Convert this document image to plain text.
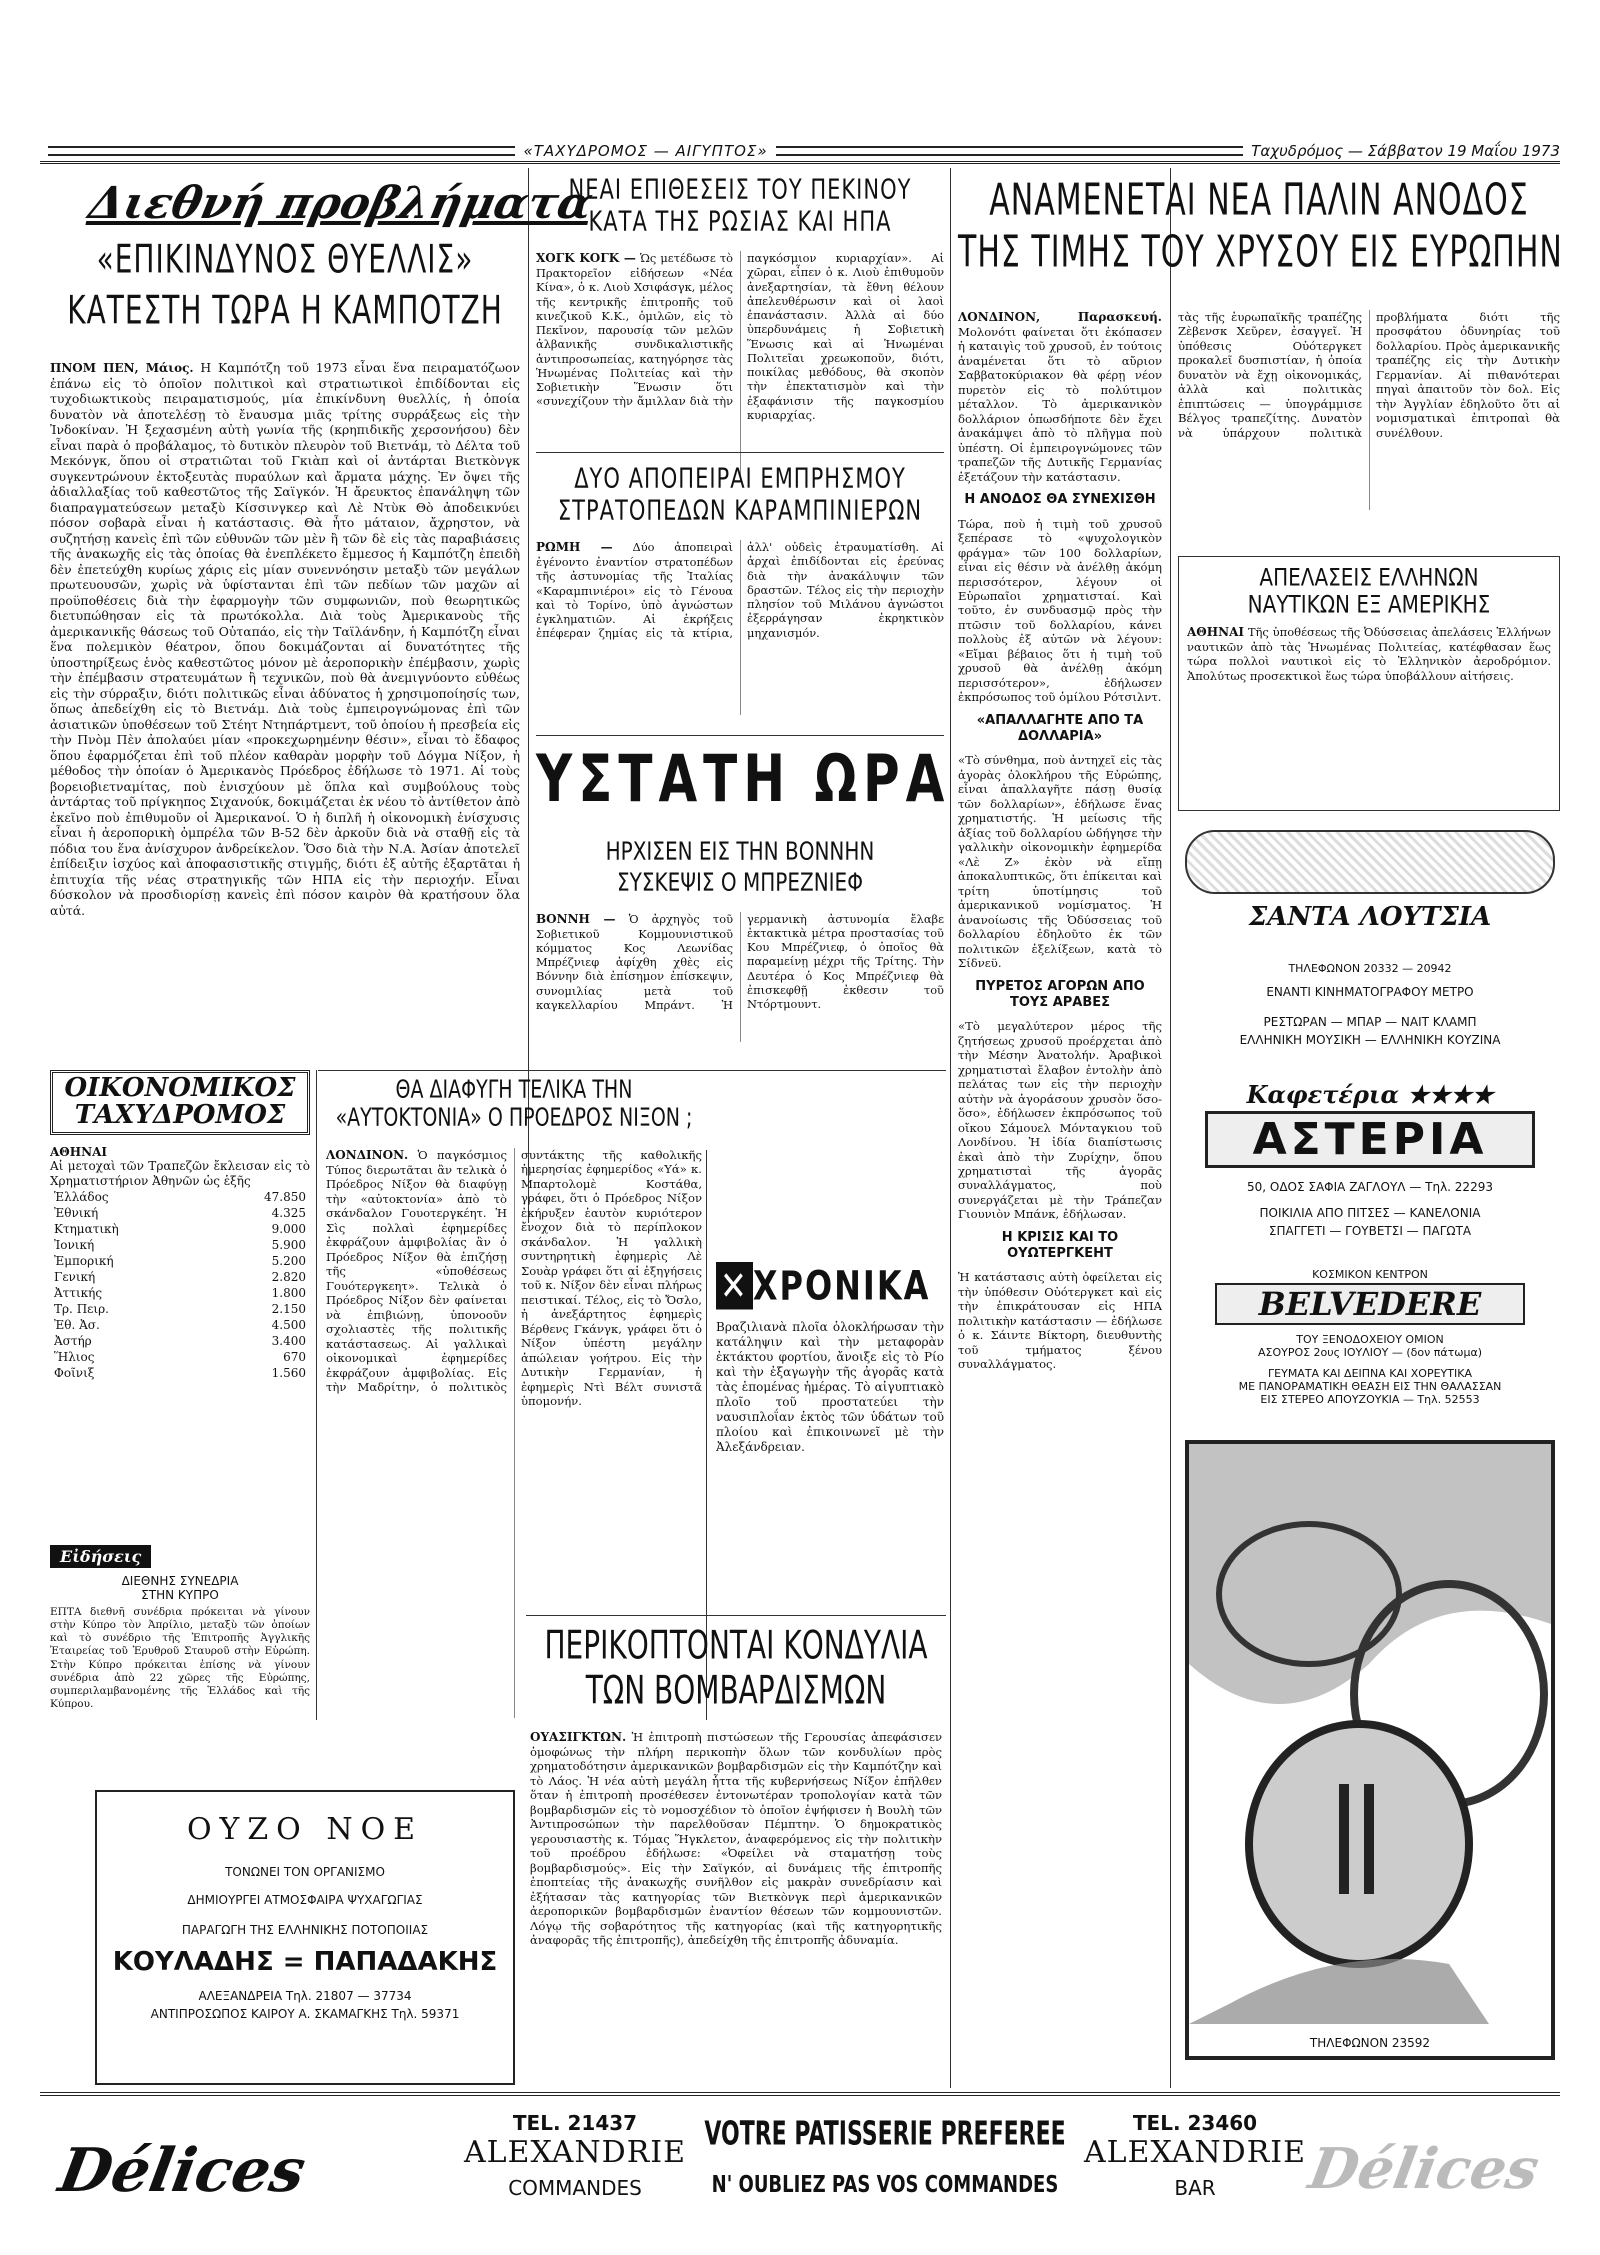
«ΤΑΧΥΔΡΟΜΟΣ — ΑΙΓΥΠΤΟΣ»	Ταχυδρόμος — Σάββατον 19 Μαΐου 1973
Διεθνή προβλήματα
«ΕΠΙΚΙΝΔΥΝΟΣ ΘΥΕΛΛΙΣ»
ΚΑΤΕΣΤΗ ΤΩΡΑ Η ΚΑΜΠΟΤΖΗ
ΠΝΟΜ ΠΕΝ, Μάιος. Η Καμπότζη τοῦ 1973 εἶναι ἕνα πειραματόζωον ἐπάνω εἰς τὸ ὁποῖον πολιτικοὶ καὶ στρατιωτικοὶ ἐπιδίδονται εἰς τυχοδιωκτικοὺς πειραματισμούς, μία ἐπικίνδυνη θυελλίς, ἡ ὁποία δυνατὸν νὰ ἀποτελέσῃ τὸ ἔναυσμα μιᾶς τρίτης συρράξεως εἰς τὴν Ἰνδοκίναν. Ἡ ξεχασμένη αὐτὴ γωνία τῆς (κρηπιδικῆς χερσονήσου) δὲν εἶναι παρὰ ὁ προβάλαμος, τὸ δυτικὸν πλευρὸν τοῦ Βιετνάμ, τὸ Δέλτα τοῦ Μεκόνγκ, ὅπου οἱ στρατιῶται τοῦ Γκιὰπ καὶ οἱ ἀντάρται Βιετκὸνγκ συγκεντρώνουν ἐκτοξευτὰς πυραύλων καὶ ἄρματα μάχης. Ἐν ὄψει τῆς ἀδιαλλαξίας τοῦ καθεστῶτος τῆς Σαϊγκόν. Ἡ ἄρευκτος ἐπανάληψη τῶν διαπραγματεύσεων μεταξὺ Κίσσινγκερ καὶ Λὲ Ντὺκ Θὸ ἀποδεικνύει πόσον σοβαρὰ εἶναι ἡ κατάστασις. Θὰ ἦτο μάταιον, ἄχρηστον, νὰ συζητήσῃ κανεὶς ἐπὶ τῶν εὐθυνῶν τῶν μὲν ἢ τῶν δὲ εἰς τὰς παραβιάσεις τῆς ἀνακωχῆς εἰς τὰς ὁποίας θὰ ἐνεπλέκετο ἔμμεσος ἡ Καμπότζη ἐπειδὴ δὲν ἐπετεύχθη κυρίως χάρις εἰς μίαν συνεννόησιν μεταξὺ τῶν μεγάλων πρωτευουσῶν, χωρὶς νὰ ὑφίστανται ἐπὶ τῶν πεδίων τῶν μαχῶν αἱ προϋποθέσεις διὰ τὴν ἐφαρμογὴν τῶν συμφωνιῶν, ποὺ θεωρητικῶς διετυπώθησαν εἰς τὰ πρωτόκολλα. Διὰ τοὺς Ἀμερικανοὺς τῆς ἀμερικανικῆς θάσεως τοῦ Οὐταπάο, εἰς τὴν Ταϊλάνδην, ἡ Καμπότζη εἶναι ἕνα πολεμικὸν θέατρον, ὅπου δοκιμάζονται αἱ δυνατότητες τῆς ὑποστηρίξεως ἑνὸς καθεστῶτος μόνον μὲ ἀεροπορικὴν ἐπέμβασιν, χωρὶς τὴν ἐπέμβασιν στρατευμάτων ἢ τεχνικῶν, ποὺ θὰ ἀνεμιγνύοντο εὐθέως εἰς τὴν σύρραξιν, διότι πολιτικῶς εἶναι ἀδύνατος ἡ χρησιμοποίησίς των, ὅπως ἀπεδείχθη εἰς τὸ Βιετνάμ. Διὰ τοὺς ἐμπειρογνώμονας ἐπὶ τῶν ἀσιατικῶν ὑποθέσεων τοῦ Στέητ Ντηπάρτμεντ, τοῦ ὁποίου ἡ πρεσβεία εἰς τὴν Πνὸμ Πὲν ἀπολαύει μίαν «προκεχωρημένην θέσιν», εἶναι τὸ ἔδαφος ὅπου ἐφαρμόζεται ἐπὶ τοῦ πλέον καθαρὰν μορφὴν τοῦ Δόγμα Νίξον, ἡ μέθοδος τὴν ὁποίαν ὁ Ἀμερικανὸς Πρόεδρος ἐδήλωσε τὸ 1971. Αἱ τοὺς βορειοβιετναμίτας, ποὺ ἐνισχύουν μὲ ὅπλα καὶ συμβούλους τοὺς ἀντάρτας τοῦ πρίγκηπος Σιχανούκ, δοκιμάζεται ἐκ νέου τὸ ἀντίθετον ἀπὸ ἐκεῖνο ποὺ ἐπιθυμοῦν οἱ Ἀμερικανοί. Ὁ ἡ διπλῆ ἡ οἰκονομικὴ ἑνίσχυσις εἶναι ἡ ἀεροπορικὴ ὀμπρέλα τῶν Β-52 δὲν ἀρκοῦν διὰ νὰ σταθῇ εἰς τὰ πόδια του ἕνα ἀνίσχυρον ἀνδρείκελον. Ὅσο διὰ τὴν Ν.Α. Ἀσίαν ἀποτελεῖ ἐπίδειξιν ἰσχύος καὶ ἀποφασιστικῆς στιγμῆς, διότι ἐξ αὐτῆς ἐξαρτᾶται ἡ ἐπιτυχία τῆς νέας στρατηγικῆς τῶν ΗΠΑ εἰς τὴν περιοχήν. Εἶναι δύσκολον νὰ προσδιορίσῃ κανεὶς ἐπὶ πόσον καιρὸν θὰ κρατήσουν ὅλα αὐτά.
ΝΕΑΙ ΕΠΙΘΕΣΕΙΣ ΤΟΥ ΠΕΚΙΝΟΥ
ΚΑΤΑ ΤΗΣ ΡΩΣΙΑΣ ΚΑΙ ΗΠΑ
ΧΟΓΚ ΚΟΓΚ — Ὡς μετέδωσε τὸ Πρακτορεῖον εἰδήσεων «Νέα Κίνα», ὁ κ. Λιοὺ Χσιφάσγκ, μέλος τῆς κεντρικῆς ἐπιτροπῆς τοῦ κινεζικοῦ Κ.Κ., ὁμιλῶν, εἰς τὸ Πεκῖνον, παρουσίᾳ τῶν μελῶν ἀλβανικῆς συνδικαλιστικῆς ἀντιπροσωπείας, κατηγόρησε τὰς Ἡνωμένας Πολιτείας καὶ τὴν Σοβιετικὴν Ἕνωσιν ὅτι «συνεχίζουν τὴν ἄμιλλαν διὰ τὴν παγκόσμιον κυριαρχίαν». Αἱ χῶραι, εἶπεν ὁ κ. Λιοὺ ἐπιθυμοῦν ἀνεξαρτησίαν, τὰ ἔθνη θέλουν ἀπελευθέρωσιν καὶ οἱ λαοὶ ἐπανάστασιν. Ἀλλὰ αἱ δύο ὑπερδυνάμεις ἡ Σοβιετικὴ Ἕνωσις καὶ αἱ Ἡνωμέναι Πολιτεῖαι χρεωκοποῦν, διότι, ποικίλας μεθόδους, θὰ σκοπὸν τὴν ἐπεκτατισμὸν καὶ τὴν ἐξαφάνισιν τῆς παγκοσμίου κυριαρχίας.
ΔΥΟ ΑΠΟΠΕΙΡΑΙ ΕΜΠΡΗΣΜΟΥ
ΣΤΡΑΤΟΠΕΔΩΝ ΚΑΡΑΜΠΙΝΙΕΡΩΝ
ΡΩΜΗ — Δύο ἀποπειραὶ ἐγένοντο ἐναντίον στρατοπέδων τῆς ἀστυνομίας τῆς Ἰταλίας «Καραμπινιέροι» εἰς τὸ Γένουα καὶ τὸ Τορίνο, ὑπὸ ἀγνώστων ἐγκληματιῶν. Αἱ ἐκρήξεις ἐπέφεραν ζημίας εἰς τὰ κτίρια, ἀλλ' οὐδεὶς ἐτραυματίσθη. Αἱ ἀρχαὶ ἐπιδίδονται εἰς ἐρεύνας διὰ τὴν ἀνακάλυψιν τῶν δραστῶν. Τέλος εἰς τὴν περιοχὴν πλησίον τοῦ Μιλάνου ἀγνώστοι ἐξερράγησαν ἐκρηκτικὸν μηχανισμόν.
ΥΣΤΑΤΗ ΩΡΑ
ΗΡΧΙΣΕΝ ΕΙΣ ΤΗΝ ΒΟΝΝΗΝ
ΣΥΣΚΕΨΙΣ Ο ΜΠΡΕΖΝΙΕΦ
ΒΟΝΝΗ — Ὁ ἀρχηγὸς τοῦ Σοβιετικοῦ Κομμουνιστικοῦ κόμματος Κος Λεωνίδας Μπρέζνιεφ ἀφίχθη χθὲς εἰς Βόννην διὰ ἐπίσημον ἐπίσκεψιν, συνομιλίας μετὰ τοῦ καγκελλαρίου Μπράντ. Ἡ γερμανικὴ ἀστυνομία ἔλαβε ἐκτακτικὰ μέτρα προστασίας τοῦ Κου Μπρέζνιεφ, ὁ ὁποῖος θὰ παραμείνῃ μέχρι τῆς Τρίτης. Τὴν Δευτέρα ὁ Κος Μπρέζνιεφ θὰ ἐπισκεφθῇ ἐκθεσιν τοῦ Ντόρτμουντ.
ΑΝΑΜΕΝΕΤΑΙ ΝΕΑ ΠΑΛΙΝ ΑΝΟΔΟΣ
ΤΗΣ ΤΙΜΗΣ ΤΟΥ ΧΡΥΣΟΥ ΕΙΣ ΕΥΡΩΠΗΝ
ΛΟΝΔΙΝΟΝ, Παρασκευή. Μολονότι φαίνεται ὅτι ἐκόπασεν ἡ καταιγὶς τοῦ χρυσοῦ, ἐν τούτοις ἀναμένεται ὅτι τὸ αὔριον Σαββατοκύριακον θὰ φέρῃ νέον πυρετὸν εἰς τὸ πολύτιμον μέταλλον. Τὸ ἀμερικανικὸν δολλάριον ὁπωσδήποτε δὲν ἔχει ἀνακάμψει ἀπὸ τὸ πλῆγμα ποὺ ὑπέστη. Οἱ ἐμπειρογνώμονες τῶν τραπεζῶν τῆς Δυτικῆς Γερμανίας ἐξετάζουν τὴν κατάστασιν.
Η ΑΝΟΔΟΣ ΘΑ ΣΥΝΕΧΙΣΘΗ
Τώρα, ποὺ ἡ τιμὴ τοῦ χρυσοῦ ξεπέρασε τὸ «ψυχολογικὸν φράγμα» τῶν 100 δολλαρίων, εἶναι εἰς θέσιν νὰ ἀνέλθῃ ἀκόμη περισσότερον, λέγουν οἱ Εὐρωπαῖοι χρηματισταί. Καὶ τοῦτο, ἐν συνδυασμῷ πρὸς τὴν πτῶσιν τοῦ δολλαρίου, κάνει πολλοὺς ἐξ αὐτῶν νὰ λέγουν: «Εἴμαι βέβαιος ὅτι ἡ τιμὴ τοῦ χρυσοῦ θὰ ἀνέλθῃ ἀκόμη περισσότερον», ἐδήλωσεν ἐκπρόσωπος τοῦ ὁμίλου Ρότσιλντ.
«ΑΠΑΛΛΑΓΗΤΕ ΑΠΟ ΤΑ ΔΟΛΛΑΡΙΑ»
«Τὸ σύνθημα, ποὺ ἀντηχεῖ εἰς τὰς ἀγορὰς ὁλοκλήρου τῆς Εὐρώπης, εἶναι ἀπαλλαγῆτε πάσῃ θυσίᾳ τῶν δολλαρίων», ἐδήλωσε ἕνας χρηματιστής. Ἡ μείωσις τῆς ἀξίας τοῦ δολλαρίου ὡδήγησε τὴν γαλλικὴν οἰκονομικὴν ἐφημερίδα «Λὲ Ζ» ἐκὸν νὰ εἴπῃ ἀποκαλυπτικῶς, ὅτι ἐπίκειται καὶ τρίτη ὑποτίμησις τοῦ ἀμερικανικοῦ νομίσματος. Ἡ ἀνανοίωσις τῆς Ὀδύσσειας τοῦ δολλαρίου ἐδηλοῦτο ἐκ τῶν πολιτικῶν ἐξελίξεων, κατὰ τὸ Σίδνεϋ.
ΠΥΡΕΤΟΣ ΑΓΟΡΩΝ ΑΠΟ ΤΟΥΣ ΑΡΑΒΕΣ
«Τὸ μεγαλύτερον μέρος τῆς ζητήσεως χρυσοῦ προέρχεται ἀπὸ τὴν Μέσην Ἀνατολήν. Ἀραβικοὶ χρηματισταὶ ἔλαβον ἐντολὴν ἀπὸ πελάτας των εἰς τὴν περιοχὴν αὐτὴν νὰ ἀγοράσουν χρυσὸν ὅσο-ὅσο», ἐδήλωσεν ἐκπρόσωπος τοῦ οἴκου Σάμουελ Μόνταγκιου τοῦ Λονδίνου. Ἡ ἰδία διαπίστωσις ἐκαὶ ἀπὸ τὴν Ζυρίχην, ὅπου χρηματισταὶ τῆς ἀγορᾶς συναλλάγματος, ποὺ συνεργάζεται μὲ τὴν Τράπεζαν Γιουνιὸν Μπάνκ, ἐδήλωσαν.
Η ΚΡΙΣΙΣ ΚΑΙ ΤΟ ΟΥΩΤΕΡΓΚΕΗΤ
Ἡ κατάστασις αὐτὴ ὀφείλεται εἰς τὴν ὑπόθεσιν Οὐότεργκετ καὶ εἰς τὴν ἐπικράτουσαν εἰς ΗΠΑ πολιτικὴν κατάστασιν — ἐδήλωσε ὁ κ. Σάιντε Βίκτορη, διευθυντὴς τοῦ τμήματος ξένου συναλλάγματος.
τὰς τῆς ἑυρωπαϊκῆς τραπέζης Ζὲβενσκ Χεῦρεν, ἐσαγγεῖ. Ἡ ὑπόθεσις Οὐότεργκετ προκαλεῖ δυσπιστίαν, ἡ ὁποία δυνατὸν νὰ ἔχῃ οἰκονομικάς, ἀλλὰ καὶ πολιτικὰς ἐπιπτώσεις — ὑπογράμμισε Βέλγος τραπεζίτης. Δυνατὸν νὰ ὑπάρχουν πολιτικὰ προβλήματα διότι τῆς προσφάτου ὀδυνηρίας τοῦ δολλαρίου. Πρὸς ἀμερικανικῆς τραπέζης εἰς τὴν Δυτικὴν Γερμανίαν. Αἱ πιθανότεραι πηγαὶ ἀπαιτοῦν τὸν δολ. Εἰς τὴν Ἀγγλίαν ἐδηλοῦτο ὅτι αἱ νομισματικαὶ ἐπιτροπαὶ θὰ συνέλθουν.
ΑΠΕΛΑΣΕΙΣ ΕΛΛΗΝΩΝ
ΝΑΥΤΙΚΩΝ ΕΞ ΑΜΕΡΙΚΗΣ
ΑΘΗΝΑΙ Τῆς ὑποθέσεως τῆς Ὀδύσσειας ἀπελάσεις Ἑλλήνων ναυτικῶν ἀπὸ τὰς Ἡνωμένας Πολιτείας, κατέφθασαν ἕως τώρα πολλοὶ ναυτικοὶ εἰς τὸ Ἑλληνικὸν ἀεροδρόμιον. Ἀπολύτως προσεκτικοὶ ἕως τώρα ὑποβάλλουν αἰτήσεις.
ΣΑΝΤΑ ΛΟΥΤΣΙΑ
ΤΗΛΕΦΩΝΟΝ 20332 — 20942
ΕΝΑΝΤΙ ΚΙΝΗΜΑΤΟΓΡΑΦΟΥ ΜΕΤΡΟ
ΡΕΣΤΩΡΑΝ — ΜΠΑΡ — ΝΑΙΤ ΚΛΑΜΠ
ΕΛΛΗΝΙΚΗ ΜΟΥΣΙΚΗ — ΕΛΛΗΝΙΚΗ ΚΟΥΖΙΝΑ
Καφετέρια ★★★★
ΑΣΤΕΡΙΑ
50, ΟΔΟΣ ΣΑΦΙΑ ΖΑΓΛΟΥΛ — Τηλ. 22293
ΠΟΙΚΙΛΙΑ ΑΠΟ ΠΙΤΣΕΣ — ΚΑΝΕΛΟΝΙΑ
ΣΠΑΓΓΕΤΙ — ΓΟΥΒΕΤΣΙ — ΠΑΓΩΤΑ
ΚΟΣΜΙΚΟΝ ΚΕΝΤΡΟΝ
BELVEDERE
ΤΟΥ ΞΕΝΟΔΟΧΕΙΟΥ ΟΜΙΟΝ
ΑΣΟΥΡΟΣ 2ους ΙΟΥΛΙΟΥ — (δον πάτωμα)
ΓΕΥΜΑΤΑ ΚΑΙ ΔΕΙΠΝΑ ΚΑΙ ΧΟΡΕΥΤΙΚΑ
ΜΕ ΠΑΝΟΡΑΜΑΤΙΚΗ ΘΕΑΣΗ ΕΙΣ ΤΗΝ ΘΑΛΑΣΣΑΝ
ΕΙΣ ΣΤΕΡΕΟ ΑΠΟΥΖΟΥΚΙΑ — Τηλ. 52553
ΤΗΛΕΦΩΝΟΝ 23592
ΟΙΚΟΝΟΜΙΚΟΣ
ΤΑΧΥΔΡΟΜΟΣ
ΑΘΗΝΑΙ
Αἱ μετοχαὶ τῶν Τραπεζῶν ἔκλεισαν εἰς τὸ Χρηματιστήριον Ἀθηνῶν ὡς ἑξῆς
Ἑλλάδος	47.850
Ἐθνική	4.325
Κτηματικὴ	9.000
Ἰονική	5.900
Ἐμπορική	5.200
Γενική	2.820
Ἀττικής	1.800
Τρ. Πειρ.	2.150
Ἐθ. Ἀσ.	4.500
Ἀστήρ	3.400
Ἥλιος	670
Φοῖνιξ	1.560
Εἰδήσεις
ΔΙΕΘΝΗΣ ΣΥΝΕΔΡΙΑ
ΣΤΗΝ ΚΥΠΡΟ
ΕΠΤΑ διεθνῆ συνέδρια πρόκειται νὰ γίνουν στὴν Κύπρο τὸν Ἀπρίλιο, μεταξὺ τῶν ὁποίων καὶ τὸ συνέδριο τῆς Ἐπιτροπῆς Ἀγγλικῆς Ἐταιρείας τοῦ Ἐρυθροῦ Σταυροῦ στὴν Εὐρώπη. Στὴν Κύπρο πρόκειται ἐπίσης νὰ γίνουν συνέδρια ἀπὸ 22 χῶρες τῆς Εὐρώπης, συμπεριλαμβανομένης τῆς Ἑλλάδος καὶ τῆς Κύπρου.
ΘΑ ΔΙΑΦΥΓΗ ΤΕΛΙΚΑ ΤΗΝ
«ΑΥΤΟΚΤΟΝΙΑ» Ο ΠΡΟΕΔΡΟΣ ΝΙΞΟΝ ;
ΛΟΝΔΙΝΟΝ. Ὁ παγκόσμιος Τύπος διερωτᾶται ἂν τελικὰ ὁ Πρόεδρος Νίξον θὰ διαφύγῃ τὴν «αὐτοκτονία» ἀπὸ τὸ σκάνδαλον Γουοτεργκέητ. Ἡ Σὶς πολλαὶ ἐφημερίδες ἐκφράζουν ἀμφιβολίας ἂν ὁ Πρόεδρος Νίξον θὰ ἐπιζήσῃ τῆς «ὑποθέσεως Γουότεργκεητ». Τελικὰ ὁ Πρόεδρος Νίξον δὲν φαίνεται νὰ ἐπιβιώνῃ, ὑπονοοῦν σχολιαστὲς τῆς πολιτικῆς κατάστασεως. Αἱ γαλλικαὶ οἰκονομικαὶ ἐφημερίδες ἐκφράζουν ἀμφιβολίας. Εἰς τὴν Μαδρίτην, ὁ πολιτικὸς συντάκτης τῆς καθολικῆς ἡμερησίας ἐφημερίδος «Υά» κ. Μπαρτολομὲ Κοστάθα, γράφει, ὅτι ὁ Πρόεδρος Νίξον ἐκήρυξεν ἑαυτὸν κυριότερον ἔνοχον διὰ τὸ περίπλοκον σκάνδαλον. Ἡ γαλλικὴ συντηρητικὴ ἐφημερὶς Λὲ Σουὰρ γράφει ὅτι αἱ ἐξηγήσεις τοῦ κ. Νίξον δὲν εἶναι πλήρως πειστικαί. Τέλος, εἰς τὸ Ὄσλο, ἡ ἀνεξάρτητος ἐφημερὶς Βέρθενς Γκάνγκ, γράφει ὅτι ὁ Νίξον ὑπέστη μεγάλην ἀπώλειαν γοήτρου. Εἰς τὴν Δυτικὴν Γερμανίαν, ἡ ἐφημερὶς Ντὶ Βέλτ συνιστᾶ ὑπομονήν.
✕ ΧΡΟΝΙΚΑ
Βραζιλιανὰ πλοῖα ὁλοκλήρωσαν τὴν κατάληψιν καὶ τὴν μεταφορὰν ἐκτάκτου φορτίου, ἄνοιξε εἰς τὸ Ρίο καὶ τὴν ἐξαγωγὴν τῆς ἀγορᾶς κατὰ τὰς ἑπομένας ἡμέρας. Τὸ αἰγυπτιακὸ πλοῖο τοῦ προστατεύει τὴν ναυσιπλοΐαν ἐκτὸς τῶν ὑδάτων τοῦ πλοίου καὶ ἐπικοινωνεῖ μὲ τὴν Ἀλεξάνδρειαν.
ΠΕΡΙΚΟΠΤΟΝΤΑΙ ΚΟΝΔΥΛΙΑ
ΤΩΝ ΒΟΜΒΑΡΔΙΣΜΩΝ
ΟΥΑΣΙΓΚΤΩΝ. Ἡ ἐπιτροπὴ πιστώσεων τῆς Γερουσίας ἀπεφάσισεν ὁμοφώνως τὴν πλήρη περικοπὴν ὅλων τῶν κονδυλίων πρὸς χρηματοδότησιν ἀμερικανικῶν βομβαρδισμῶν εἰς τὴν Καμπότζην καὶ τὸ Λάος. Ἡ νέα αὐτὴ μεγάλη ἧττα τῆς κυβερνήσεως Νίξον ἐπῆλθεν ὅταν ἡ ἐπιτροπὴ προσέθεσεν ἐντονωτέραν τροπολογίαν κατὰ τῶν βομβαρδισμῶν εἰς τὸ νομοσχέδιον τὸ ὁποῖον ἐψήφισεν ἡ Βουλὴ τῶν Ἀντιπροσώπων τὴν παρελθοῦσαν Πέμπτην. Ὁ δημοκρατικὸς γερουσιαστὴς κ. Τόμας Ἥγκλετον, ἀναφερόμενος εἰς τὴν πολιτικὴν τοῦ προέδρου ἐδήλωσε: «Ὀφείλει νὰ σταματήσῃ τοὺς βομβαρδισμούς». Εἰς τὴν Σαϊγκόν, αἱ δυνάμεις τῆς ἐπιτροπῆς ἐποπτείας τῆς ἀνακωχῆς συνῆλθον εἰς μακρὰν συνεδρίασιν καὶ ἐξήτασαν τὰς κατηγορίας τῶν Βιετκὸνγκ περὶ ἀμερικανικῶν ἀεροπορικῶν βομβαρδισμῶν ἐναντίον θέσεων τῶν κομμουνιστῶν. Λόγῳ τῆς σοβαρότητος τῆς κατηγορίας (καὶ τῆς κατηγορητικῆς ἀναφορᾶς τῆς ἐπιτροπῆς), ἀπεδείχθη τῆς ἐπιτροπῆς ἀδυναμία.
ΟΥΖΟ ΝΟΕ
ΤΟΝΩΝΕΙ ΤΟΝ ΟΡΓΑΝΙΣΜΟ
ΔΗΜΙΟΥΡΓΕΙ ΑΤΜΟΣΦΑΙΡΑ ΨΥΧΑΓΩΓΙΑΣ
ΠΑΡΑΓΩΓΗ ΤΗΣ ΕΛΛΗΝΙΚΗΣ ΠΟΤΟΠΟΙΙΑΣ
ΚΟΥΛΑΔΗΣ = ΠΑΠΑΔΑΚΗΣ
ΑΛΕΞΑΝΔΡΕΙΑ Τηλ. 21807 — 37734
ΑΝΤΙΠΡΟΣΩΠΟΣ ΚΑΙΡΟΥ Α. ΣΚΑΜΑΓΚΗΣ Τηλ. 59371
Délices
TEL. 21437
ALEXANDRIE
COMMANDES
VOTRE PATISSERIE PREFEREE
N' OUBLIEZ PAS VOS COMMANDES
TEL. 23460
ALEXANDRIE
BAR	Délices
